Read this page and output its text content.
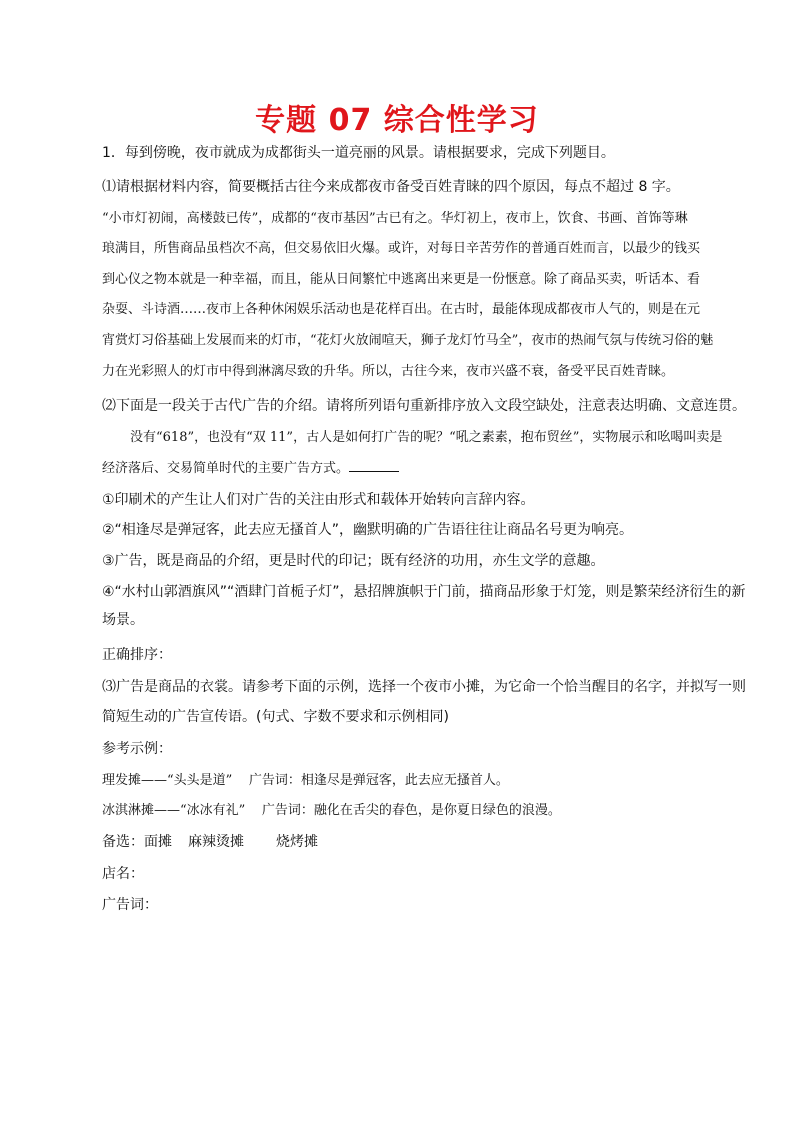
专题 07 综合性学习
1．每到傍晚，夜市就成为成都街头一道亮丽的风景。请根据要求，完成下列题目。
⑴请根据材料内容，简要概括古往今来成都夜市备受百姓青睐的四个原因，每点不超过 8 字。
“小市灯初闹，高楼鼓已传”，成都的“夜市基因”古已有之。华灯初上，夜市上，饮食、书画、首饰等琳
琅满目，所售商品虽档次不高，但交易依旧火爆。或许，对每日辛苦劳作的普通百姓而言，以最少的钱买
到心仪之物本就是一种幸福，而且，能从日间繁忙中逃离出来更是一份惬意。除了商品买卖，听话本、看
杂耍、斗诗酒……夜市上各种休闲娱乐活动也是花样百出。在古时，最能体现成都夜市人气的，则是在元
宵赏灯习俗基础上发展而来的灯市，“花灯火放闹喧天，狮子龙灯竹马全”，夜市的热闹气氛与传统习俗的魅
力在光彩照人的灯市中得到淋漓尽致的升华。所以，古往今来，夜市兴盛不衰，备受平民百姓青睐。
⑵下面是一段关于古代广告的介绍。请将所列语句重新排序放入文段空缺处，注意表达明确、文意连贯。
没有“618”，也没有“双 11”，古人是如何打广告的呢？“吼之素素，抱布贸丝”，实物展示和吆喝叫卖是
经济落后、交易简单时代的主要广告方式。
①印刷术的产生让人们对广告的关注由形式和载体开始转向言辞内容。
②“相逢尽是弹冠客，此去应无搔首人”，幽默明确的广告语往往让商品名号更为响亮。
③广告，既是商品的介绍，更是时代的印记；既有经济的功用，亦生文学的意趣。
④“水村山郭酒旗风”“酒肆门首栀子灯”，悬招牌旗帜于门前，描商品形象于灯笼，则是繁荣经济衍生的新
场景。
正确排序：
⑶广告是商品的衣裳。请参考下面的示例，选择一个夜市小摊，为它命一个恰当醒目的名字，并拟写一则
简短生动的广告宣传语。(句式、字数不要求和示例相同)
参考示例：
理发摊——“头头是道”    广告词：相逢尽是弹冠客，此去应无搔首人。
冰淇淋摊——“冰冰有礼”    广告词：融化在舌尖的春色，是你夏日绿色的浪漫。
备选：面摊 麻辣烫摊 烧烤摊
店名：
广告词：
